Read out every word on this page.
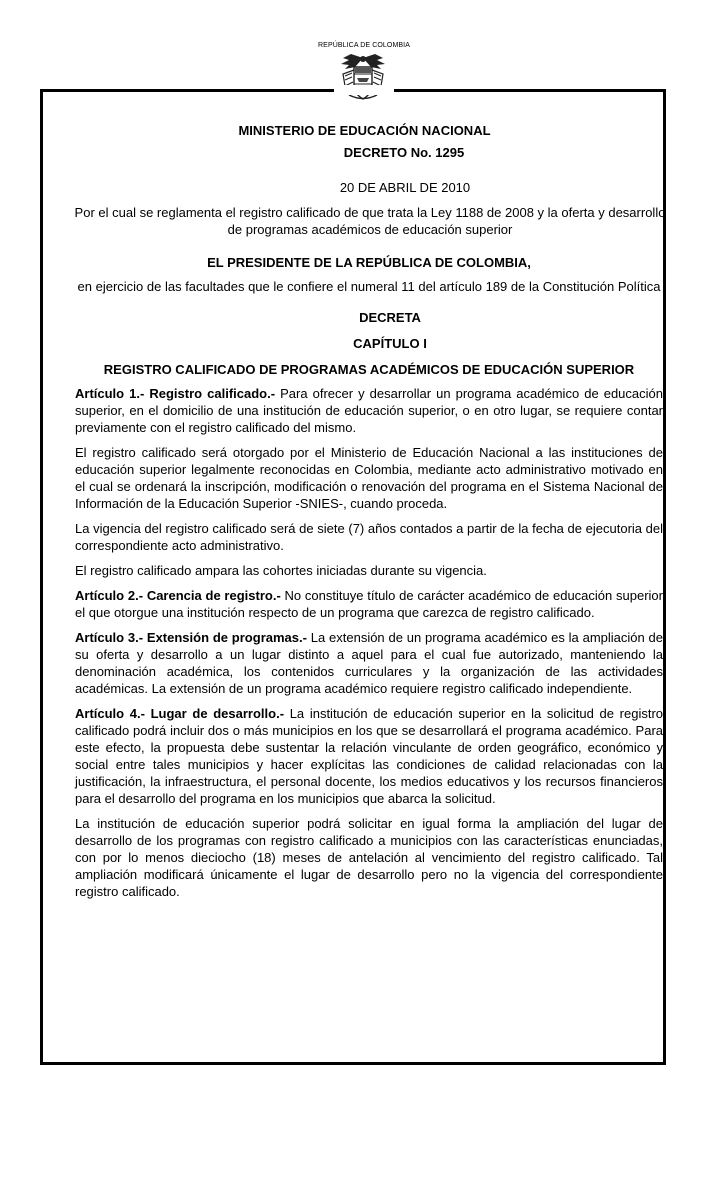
REPÚBLICA DE COLOMBIA
MINISTERIO DE EDUCACIÓN NACIONAL
DECRETO No. 1295
20 DE ABRIL DE 2010
Por el cual se reglamenta el registro calificado de que trata la Ley 1188 de 2008 y la oferta y desarrollo de programas académicos de educación superior
EL PRESIDENTE DE LA REPÚBLICA DE COLOMBIA,
en ejercicio de las facultades que le confiere el numeral 11 del artículo 189 de la Constitución Política
DECRETA
CAPÍTULO I
REGISTRO CALIFICADO DE PROGRAMAS ACADÉMICOS DE EDUCACIÓN SUPERIOR

Artículo 1.- Registro calificado.- Para ofrecer y desarrollar un programa académico de educación superior, en el domicilio de una institución de educación superior, o en otro lugar, se requiere contar previamente con el registro calificado del mismo.

El registro calificado será otorgado por el Ministerio de Educación Nacional a las instituciones de educación superior legalmente reconocidas en Colombia, mediante acto administrativo motivado en el cual se ordenará la inscripción, modificación o renovación del programa en el Sistema Nacional de Información de la Educación Superior -SNIES-, cuando proceda.

La vigencia del registro calificado será de siete (7) años contados a partir de la fecha de ejecutoria del correspondiente acto administrativo.

El registro calificado ampara las cohortes iniciadas durante su vigencia.

Artículo 2.- Carencia de registro.- No constituye título de carácter académico de educación superior el que otorgue una institución respecto de un programa que carezca de registro calificado.

Artículo 3.- Extensión de programas.- La extensión de un programa académico es la ampliación de su oferta y desarrollo a un lugar distinto a aquel para el cual fue autorizado, manteniendo la denominación académica, los contenidos curriculares y la organización de las actividades académicas. La extensión de un programa académico requiere registro calificado independiente.

Artículo 4.- Lugar de desarrollo.- La institución de educación superior en la solicitud de registro calificado podrá incluir dos o más municipios en los que se desarrollará el programa académico. Para este efecto, la propuesta debe sustentar la relación vinculante de orden geográfico, económico y social entre tales municipios y hacer explícitas las condiciones de calidad relacionadas con la justificación, la infraestructura, el personal docente, los medios educativos y los recursos financieros para el desarrollo del programa en los municipios que abarca la solicitud.

La institución de educación superior podrá solicitar en igual forma la ampliación del lugar de desarrollo de los programas con registro calificado a municipios con las características enunciadas, con por lo menos dieciocho (18) meses de antelación al vencimiento del registro calificado. Tal ampliación modificará únicamente el lugar de desarrollo pero no la vigencia del correspondiente registro calificado.
